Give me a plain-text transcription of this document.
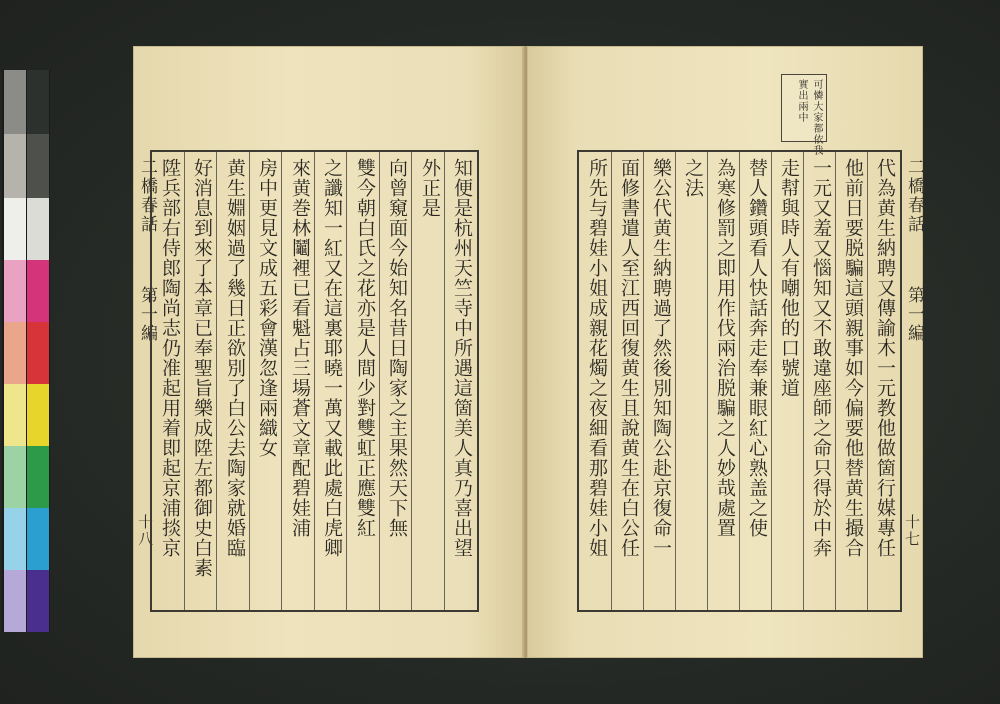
二橋春話
第一編
十八	知便是杭州天竺寺中所遇這箇美人真乃喜出望
外正是
向曾窺面今始知名昔日陶家之主果然天下無
雙今朝白氏之花亦是人間少對雙虹正應雙紅
之讖知一紅又在這裏耶曉一萬又載此處白虎卿
來黄巻林鬮裡已看魁占三場蒼文章配碧娃浦
房中更見文成五彩會漢忽逢兩織女
黄生婣姻過了幾日正欲別了白公去陶家就婚臨
好消息到來了本章已奉聖旨樂成陞左都御史白素
陞兵部右侍郎陶尚志仍准起用着即起京浦掞京
可憐大家都依我
實出兩中
代為黄生納聘又傳諭木一元教他做箇行媒專任
他前日要脱騙這頭親事如今偏要他替黄生撮合
一元又羞又惱知又不敢違座師之命只得於中奔
走幇與時人有嘲他的口號道
替人鑽頭看人快話奔走奉兼眼紅心熟盖之使
為寒修罰之即用作伐兩治脱騙之人妙哉處置
之法
樂公代黄生納聘過了然後別知陶公赴京復命一
面修書遣人至江西回復黄生且說黄生在白公任
所先与碧娃小姐成親花燭之夜細看那碧娃小姐	二橋春話
第一編
十七
